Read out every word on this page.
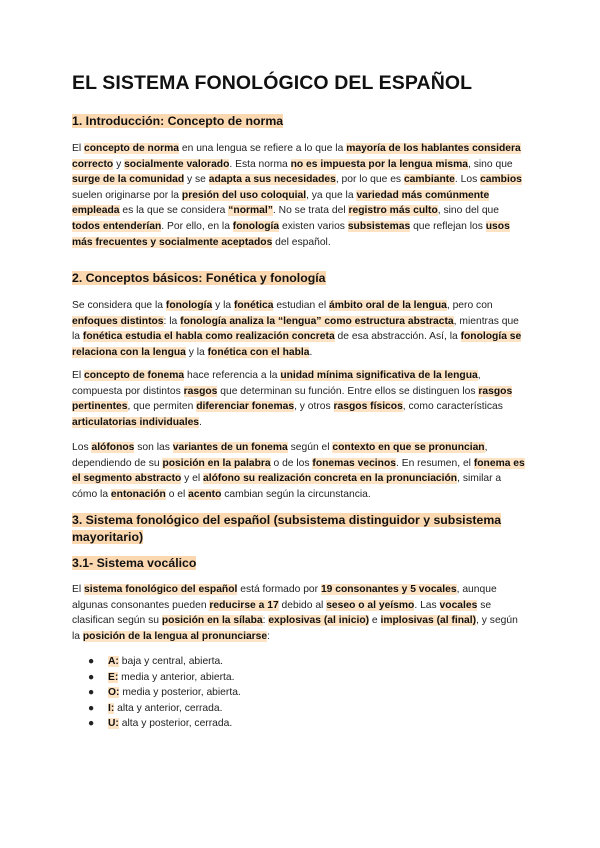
EL SISTEMA FONOLÓGICO DEL ESPAÑOL
1. Introducción: Concepto de norma

El concepto de norma en una lengua se refiere a lo que la mayoría de los hablantes considera correcto y socialmente valorado. Esta norma no es impuesta por la lengua misma, sino que surge de la comunidad y se adapta a sus necesidades, por lo que es cambiante. Los cambios suelen originarse por la presión del uso coloquial, ya que la variedad más comúnmente empleada es la que se considera “normal”. No se trata del registro más culto, sino del que todos entenderían. Por ello, en la fonología existen varios subsistemas que reflejan los usos más frecuentes y socialmente aceptados del español.

2. Conceptos básicos: Fonética y fonología

Se considera que la fonología y la fonética estudian el ámbito oral de la lengua, pero con enfoques distintos: la fonología analiza la “lengua” como estructura abstracta, mientras que la fonética estudia el habla como realización concreta de esa abstracción. Así, la fonología se relaciona con la lengua y la fonética con el habla.

El concepto de fonema hace referencia a la unidad mínima significativa de la lengua, compuesta por distintos rasgos que determinan su función. Entre ellos se distinguen los rasgos pertinentes, que permiten diferenciar fonemas, y otros rasgos físicos, como características articulatorias individuales.

Los alófonos son las variantes de un fonema según el contexto en que se pronuncian, dependiendo de su posición en la palabra o de los fonemas vecinos. En resumen, el fonema es el segmento abstracto y el alófono su realización concreta en la pronunciación, similar a cómo la entonación o el acento cambian según la circunstancia.

3. Sistema fonológico del español (subsistema distinguidor y subsistema mayoritario)
3.1- Sistema vocálico

El sistema fonológico del español está formado por 19 consonantes y 5 vocales, aunque algunas consonantes pueden reducirse a 17 debido al seseo o al yeísmo. Las vocales se clasifican según su posición en la sílaba: explosivas (al inicio) e implosivas (al final), y según la posición de la lengua al pronunciarse:

● A: baja y central, abierta.
● E: media y anterior, abierta.
● O: media y posterior, abierta.
● I: alta y anterior, cerrada.
● U: alta y posterior, cerrada.
